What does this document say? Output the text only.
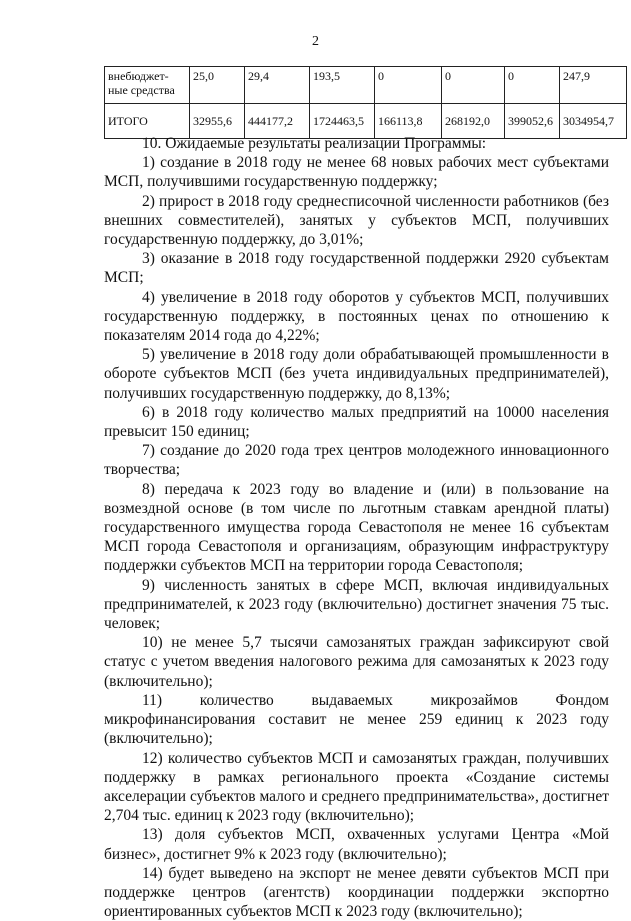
2
внебюджет-ные средства	25,0	29,4	193,5	0	0	0	247,9
ИТОГО	32955,6	444177,2	1724463,5	166113,8	268192,0	399052,6	3034954,7

10. Ожидаемые результаты реализации Программы:

1) создание в 2018 году не менее 68 новых рабочих мест субъектами МСП, получившими государственную поддержку;

2) прирост в 2018 году среднесписочной численности работников (без внешних совместителей), занятых у субъектов МСП, получивших государственную поддержку, до 3,01%;

3) оказание в 2018 году государственной поддержки 2920 субъектам МСП;

4) увеличение в 2018 году оборотов у субъектов МСП, получивших государственную поддержку, в постоянных ценах по отношению к показателям 2014 года до 4,22%;

5) увеличение в 2018 году доли обрабатывающей промышленности в обороте субъектов МСП (без учета индивидуальных предпринимателей), получивших государственную поддержку, до 8,13%;

6) в 2018 году количество малых предприятий на 10000 населения превысит 150 единиц;

7) создание до 2020 года трех центров молодежного инновационного творчества;

8) передача к 2023 году во владение и (или) в пользование на возмездной основе (в том числе по льготным ставкам арендной платы) государственного имущества города Севастополя не менее 16 субъектам МСП города Севастополя и организациям, образующим инфраструктуру поддержки субъектов МСП на территории города Севастополя;

9) численность занятых в сфере МСП, включая индивидуальных предпринимателей, к 2023 году (включительно) достигнет значения 75 тыс. человек;

10) не менее 5,7 тысячи самозанятых граждан зафиксируют свой статус с учетом введения налогового режима для самозанятых к 2023 году (включительно);

11) количество выдаваемых микрозаймов Фондом микрофинансирования составит не менее 259 единиц к 2023 году (включительно);

12) количество субъектов МСП и самозанятых граждан, получивших поддержку в рамках регионального проекта «Создание системы акселерации субъектов малого и среднего предпринимательства», достигнет 2,704 тыс. единиц к 2023 году (включительно);

13) доля субъектов МСП, охваченных услугами Центра «Мой бизнес», достигнет 9% к 2023 году (включительно);

14) будет выведено на экспорт не менее девяти субъектов МСП при поддержке центров (агентств) координации поддержки экспортно ориентированных субъектов МСП к 2023 году (включительно);
